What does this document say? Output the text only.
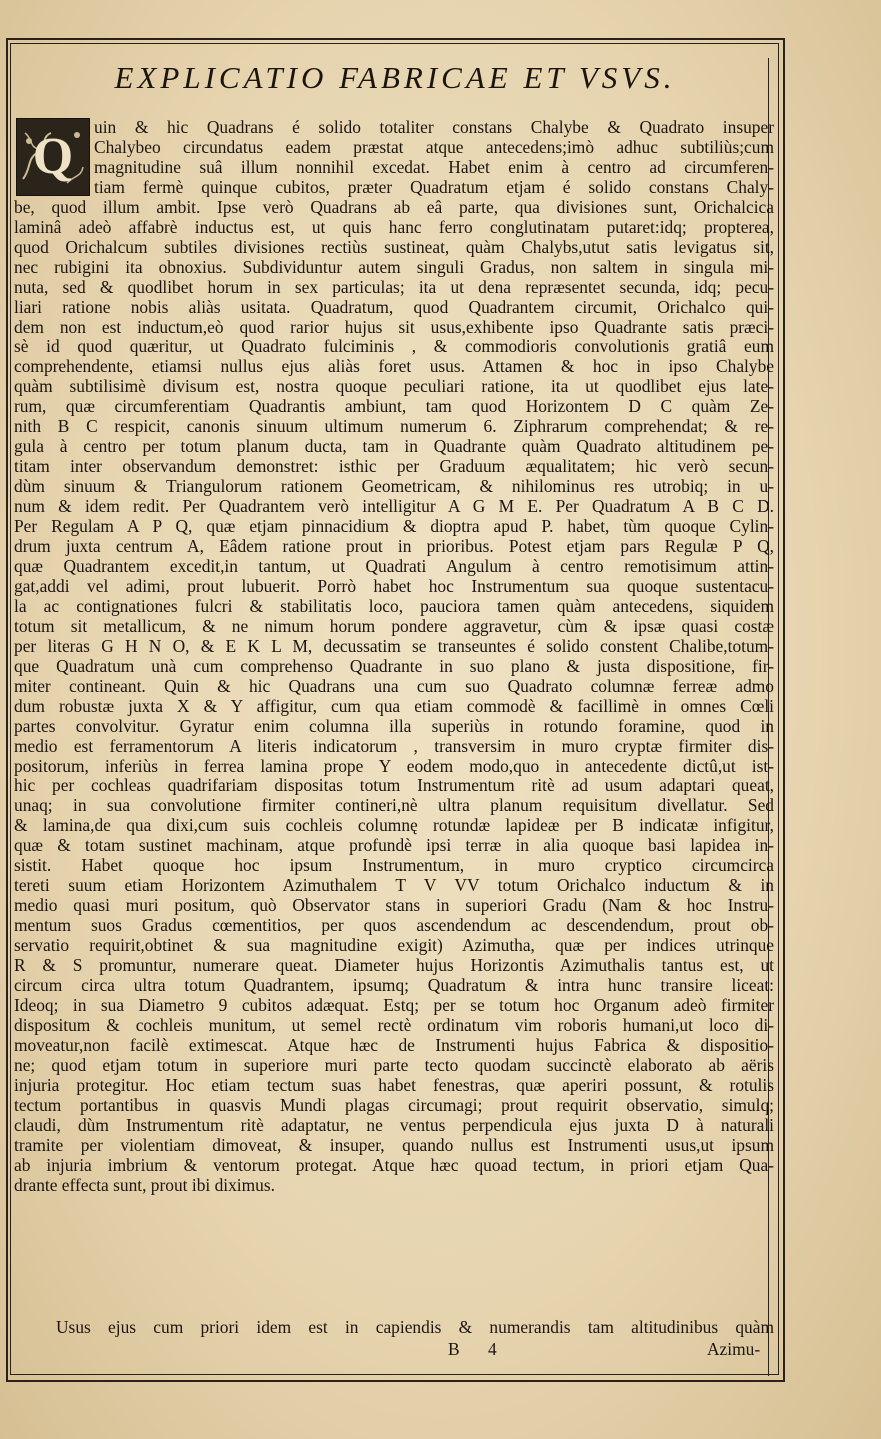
EXPLICATIO FABRICAE ET VSVS.
Q
uin & hic Quadrans é solido totaliter constans Chalybe & Quadrato insuper
Chalybeo circundatus eadem præstat atque antecedens;imò adhuc subtiliùs;cum
magnitudine suâ illum nonnihil excedat. Habet enim à centro ad circumferen-
tiam fermè quinque cubitos, præter Quadratum etjam é solido constans Chaly-
be, quod illum ambit. Ipse verò Quadrans ab eâ parte, qua divisiones sunt, Orichalcica
laminâ adeò affabrè inductus est, ut quis hanc ferro conglutinatam putaret:idq; propterea,
quod Orichalcum subtiles divisiones rectiùs sustineat, quàm Chalybs,utut satis levigatus sit,
nec rubigini ita obnoxius. Subdividuntur autem singuli Gradus, non saltem in singula mi-
nuta, sed & quodlibet horum in sex particulas; ita ut dena repræsentet secunda, idq; pecu-
liari ratione nobis aliàs usitata. Quadratum, quod Quadrantem circumit, Orichalco qui-
dem non est inductum,eò quod rarior hujus sit usus,exhibente ipso Quadrante satis præci-
sè id quod quæritur, ut Quadrato fulciminis , & commodioris convolutionis gratiâ eum
comprehendente, etiamsi nullus ejus aliàs foret usus. Attamen & hoc in ipso Chalybe
quàm subtilisimè divisum est, nostra quoque peculiari ratione, ita ut quodlibet ejus late-
rum, quæ circumferentiam Quadrantis ambiunt, tam quod Horizontem D C quàm Ze-
nith B C respicit, canonis sinuum ultimum numerum 6. Ziphrarum comprehendat; & re-
gula à centro per totum planum ducta, tam in Quadrante quàm Quadrato altitudinem pe-
titam inter observandum demonstret: isthic per Graduum æqualitatem; hic verò secun-
dùm sinuum & Triangulorum rationem Geometricam, & nihilominus res utrobiq; in u-
num & idem redit. Per Quadrantem verò intelligitur A G M E. Per Quadratum A B C D.
Per Regulam A P Q, quæ etjam pinnacidium & dioptra apud P. habet, tùm quoque Cylin-
drum juxta centrum A, Eâdem ratione prout in prioribus. Potest etjam pars Regulæ P Q,
quæ Quadrantem excedit,in tantum, ut Quadrati Angulum à centro remotisimum attin-
gat,addi vel adimi, prout lubuerit. Porrò habet hoc Instrumentum sua quoque sustentacu-
la ac contignationes fulcri & stabilitatis loco, pauciora tamen quàm antecedens, siquidem
totum sit metallicum, & ne nimum horum pondere aggravetur, cùm & ipsæ quasi costæ
per literas G H N O, & E K L M, decussatim se transeuntes é solido constent Chalibe,totum-
que Quadratum unà cum comprehenso Quadrante in suo plano & justa dispositione, fir-
miter contineant. Quin & hic Quadrans una cum suo Quadrato columnæ ferreæ admo
dum robustæ juxta X & Y affigitur, cum qua etiam commodè & facillimè in omnes Cœli
partes convolvitur. Gyratur enim columna illa superiùs in rotundo foramine, quod in
medio est ferramentorum A literis indicatorum , transversim in muro cryptæ firmiter dis-
positorum, inferiùs in ferrea lamina prope Y eodem modo,quo in antecedente dictû,ut ist-
hic per cochleas quadrifariam dispositas totum Instrumentum ritè ad usum adaptari queat,
unaq; in sua convolutione firmiter contineri,nè ultra planum requisitum divellatur. Sed
& lamina,de qua dixi,cum suis cochleis columnę rotundæ lapideæ per B indicatæ infigitur,
quæ & totam sustinet machinam, atque profundè ipsi terræ in alia quoque basi lapidea in-
sistit. Habet quoque hoc ipsum Instrumentum, in muro cryptico circumcirca
tereti suum etiam Horizontem Azimuthalem T V VV totum Orichalco inductum & in
medio quasi muri positum, quò Observator stans in superiori Gradu (Nam & hoc Instru-
mentum suos Gradus cœmentitios, per quos ascendendum ac descendendum, prout ob-
servatio requirit,obtinet & sua magnitudine exigit) Azimutha, quæ per indices utrinque
R & S promuntur, numerare queat. Diameter hujus Horizontis Azimuthalis tantus est, ut
circum circa ultra totum Quadrantem, ipsumq; Quadratum & intra hunc transire liceat:
Ideoq; in sua Diametro 9 cubitos adæquat. Estq; per se totum hoc Organum adeò firmiter
dispositum & cochleis munitum, ut semel rectè ordinatum vim roboris humani,ut loco di-
moveatur,non facilè extimescat. Atque hæc de Instrumenti hujus Fabrica & dispositio-
ne; quod etjam totum in superiore muri parte tecto quodam succinctè elaborato ab aëris
injuria protegitur. Hoc etiam tectum suas habet fenestras, quæ aperiri possunt, & rotulis
tectum portantibus in quasvis Mundi plagas circumagi; prout requirit observatio, simulq;
claudi, dùm Instrumentum ritè adaptatur, ne ventus perpendicula ejus juxta D à naturali
tramite per violentiam dimoveat, & insuper, quando nullus est Instrumenti usus,ut ipsum
ab injuria imbrium & ventorum protegat. Atque hæc quoad tectum, in priori etjam Qua-
drante effecta sunt, prout ibi diximus.
Usus ejus cum priori idem est in capiendis & numerandis tam altitudinibus quàm
B 4	Azimu-
